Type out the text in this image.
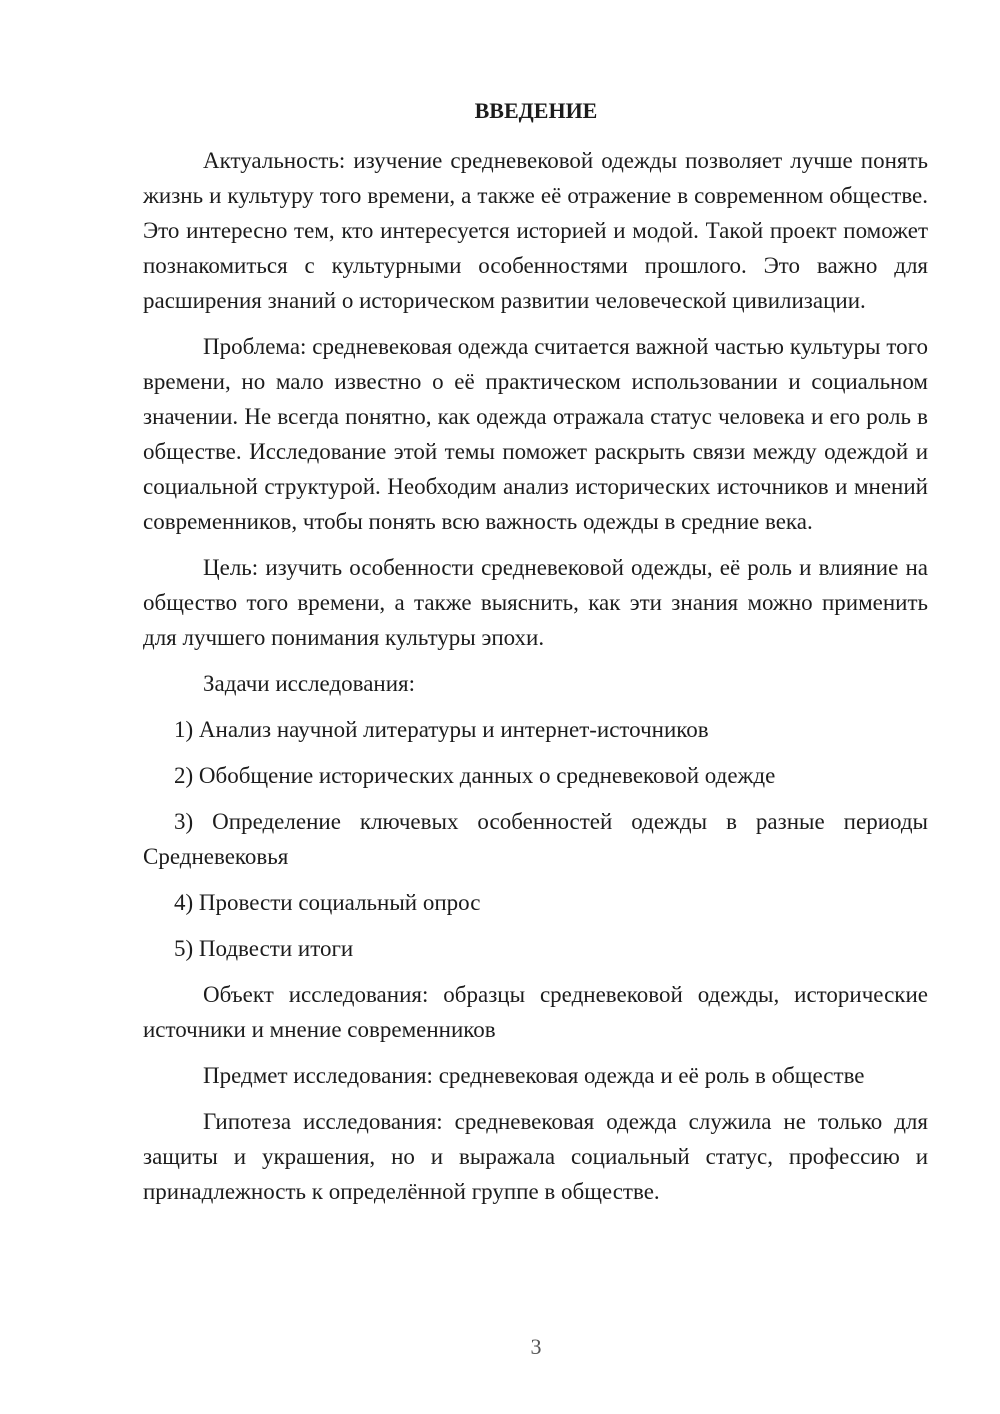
ВВЕДЕНИЕ

Актуальность: изучение средневековой одежды позволяет лучше понять жизнь и культуру того времени, а также её отражение в современном обществе. Это интересно тем, кто интересуется историей и модой. Такой проект поможет познакомиться с культурными особенностями прошлого. Это важно для расширения знаний о историческом развитии человеческой цивилизации.

Проблема: средневековая одежда считается важной частью культуры того времени, но мало известно о её практическом использовании и социальном значении. Не всегда понятно, как одежда отражала статус человека и его роль в обществе. Исследование этой темы поможет раскрыть связи между одеждой и социальной структурой. Необходим анализ исторических источников и мнений современников, чтобы понять всю важность одежды в средние века.

Цель: изучить особенности средневековой одежды, её роль и влияние на общество того времени, а также выяснить, как эти знания можно применить для лучшего понимания культуры эпохи.

Задачи исследования:

1) Анализ научной литературы и интернет-источников

2) Обобщение исторических данных о средневековой одежде

3) Определение ключевых особенностей одежды в разные периоды Средневековья

4) Провести социальный опрос

5) Подвести итоги

Объект исследования: образцы средневековой одежды, исторические источники и мнение современников

Предмет исследования: средневековая одежда и её роль в обществе

Гипотеза исследования: средневековая одежда служила не только для защиты и украшения, но и выражала социальный статус, профессию и принадлежность к определённой группе в обществе.

3
